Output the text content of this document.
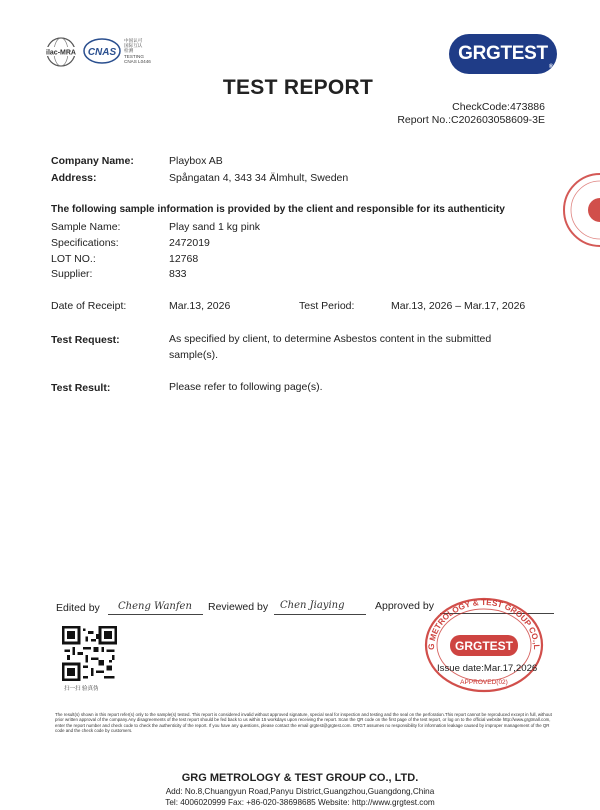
ilac-MRA CNAS
中国认可
国际互认
检测
TESTING
CNAS L0446	GRGTEST
®
TEST REPORT
CheckCode:473886
Report No.:C202603058609-3E
Company Name:	Playbox AB
Address:	Spångatan 4, 343 34 Älmhult, Sweden
The following sample information is provided by the client and responsible for its authenticity
Sample Name:	Play sand 1 kg pink
Specifications:	2472019
LOT NO.:	12768
Supplier:	833
Date of Receipt:	Mar.13, 2026	Test Period:	Mar.13, 2026 – Mar.17, 2026
Test Request:	As specified by client, to determine Asbestos content in the submitted
sample(s).
Test Result:	Please refer to following page(s).
Edited by Cheng Wanfen Reviewed by Chen Jiaying	Approved by
扫一扫 验真伪
G METROLOGY & TEST GROUP CO.,L
GRGTEST
APPROVED(02)
Issue date:Mar.17,2026
The result(s) shown in this report refer(s) only to the sample(s) tested. This report is considered invalid without approved signature, special seal for inspection and testing and the seal on the perforation.This report cannot be reproduced except in full, without prior written approval of the company.Any disagreements of the test report should be fed back to us within 15 workdays upon receiving the report. Scan the QR code on the first page of the test report, or log on to the official website http://www.grgtmall.com, enter the report number and check code to check the authenticity of the report. If you have any questions, please contact the email grgtest@grgtest.com. GRGT assumes no responsibility for information leakage caused by improper management of the QR code and the check code by customers.
GRG METROLOGY & TEST GROUP CO., LTD.
Add: No.8,Chuangyun Road,Panyu District,Guangzhou,Guangdong,China
Tel: 4006020999 Fax: +86-020-38698685 Website: http://www.grgtest.com
